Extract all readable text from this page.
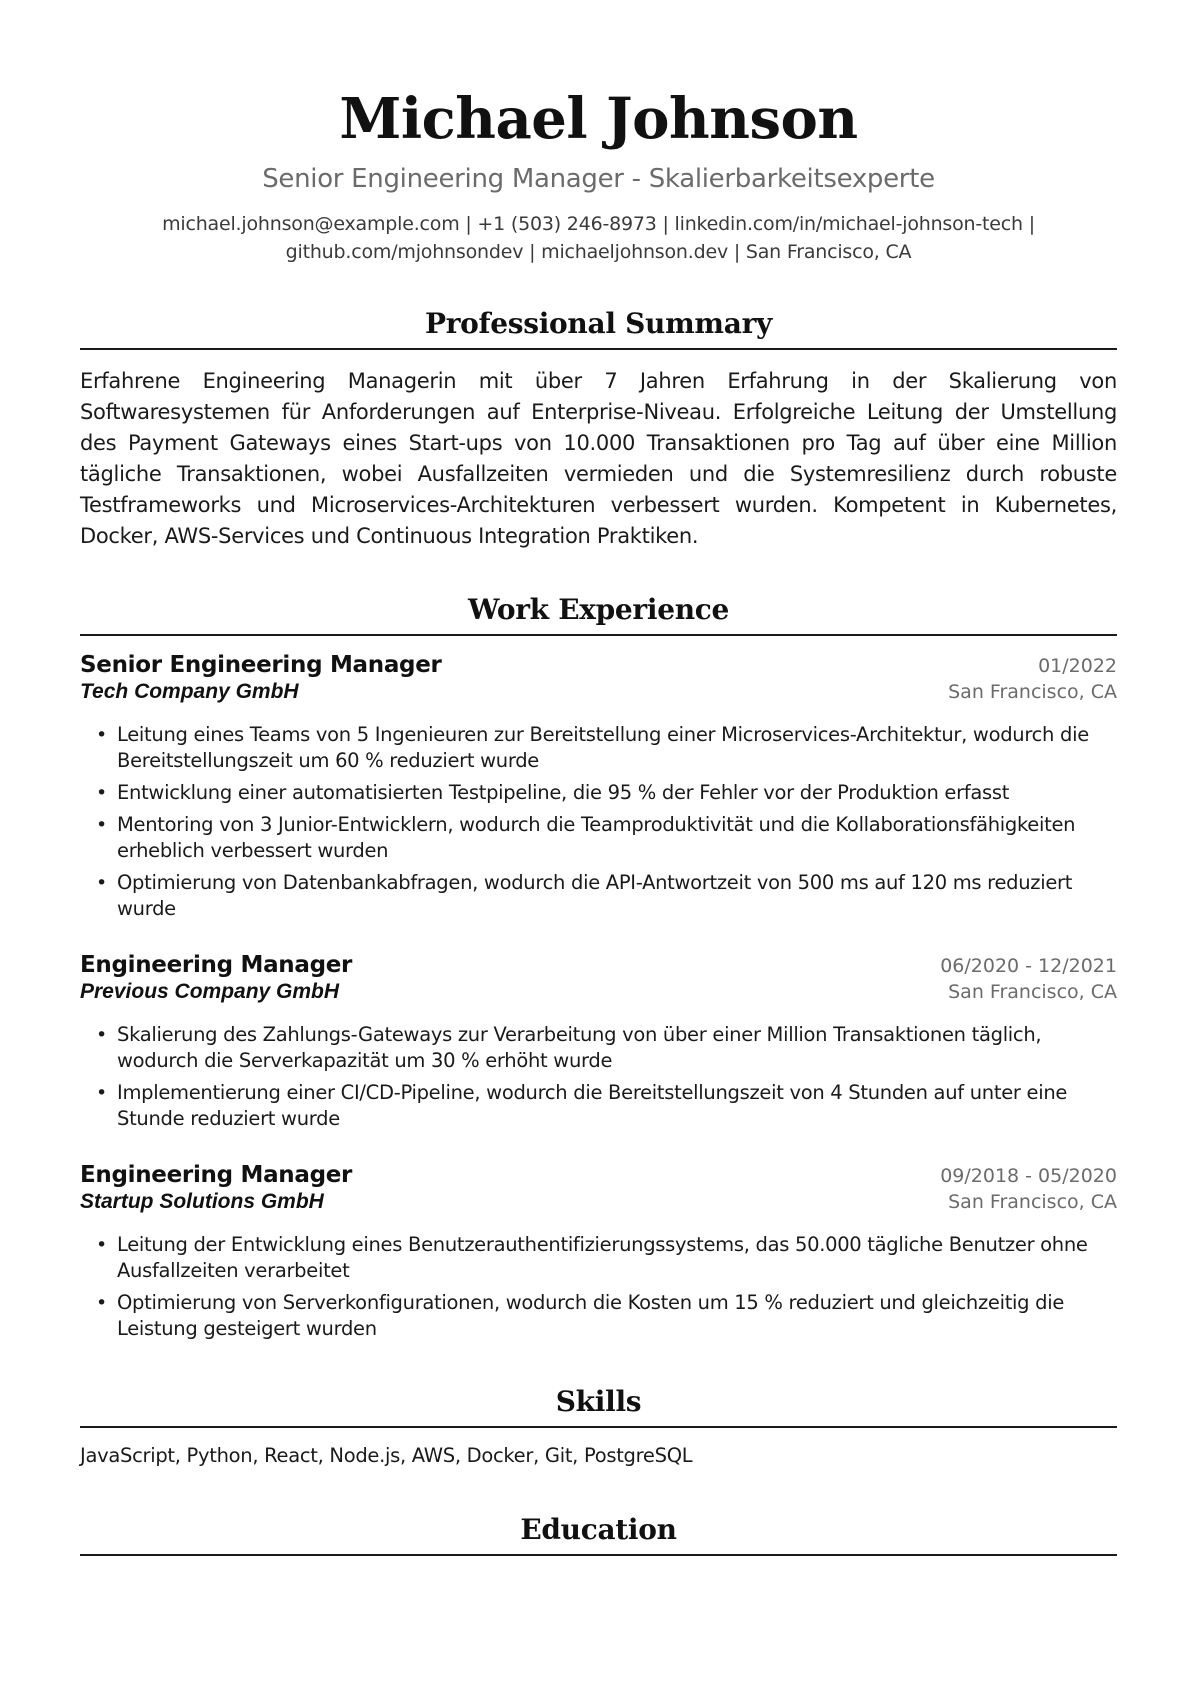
Michael Johnson
Senior Engineering Manager - Skalierbarkeitsexperte
michael.johnson@example.com | +1 (503) 246-8973 | linkedin.com/in/michael-johnson-tech |
github.com/mjohnsondev | michaeljohnson.dev | San Francisco, CA
Professional Summary
Erfahrene Engineering Managerin mit über 7 Jahren Erfahrung in der Skalierung von Softwaresystemen für Anforderungen auf Enterprise-Niveau. Erfolgreiche Leitung der Umstellung des Payment Gateways eines Start-ups von 10.000 Transaktionen pro Tag auf über eine Million tägliche Transaktionen, wobei Ausfallzeiten vermieden und die Systemresilienz durch robuste Testframeworks und Microservices-Architekturen verbessert wurden. Kompetent in Kubernetes, Docker, AWS-Services und Continuous Integration Praktiken.
Work Experience
Senior Engineering Manager	01/2022
Tech Company GmbH	San Francisco, CA
• Leitung eines Teams von 5 Ingenieuren zur Bereitstellung einer Microservices-Architektur, wodurch die Bereitstellungszeit um 60 % reduziert wurde
• Entwicklung einer automatisierten Testpipeline, die 95 % der Fehler vor der Produktion erfasst
• Mentoring von 3 Junior-Entwicklern, wodurch die Teamproduktivität und die Kollaborationsfähigkeiten erheblich verbessert wurden
• Optimierung von Datenbankabfragen, wodurch die API-Antwortzeit von 500 ms auf 120 ms reduziert wurde
Engineering Manager	06/2020 - 12/2021
Previous Company GmbH	San Francisco, CA
• Skalierung des Zahlungs-Gateways zur Verarbeitung von über einer Million Transaktionen täglich, wodurch die Serverkapazität um 30 % erhöht wurde
• Implementierung einer CI/CD-Pipeline, wodurch die Bereitstellungszeit von 4 Stunden auf unter eine Stunde reduziert wurde
Engineering Manager	09/2018 - 05/2020
Startup Solutions GmbH	San Francisco, CA
• Leitung der Entwicklung eines Benutzerauthentifizierungssystems, das 50.000 tägliche Benutzer ohne Ausfallzeiten verarbeitet
• Optimierung von Serverkonfigurationen, wodurch die Kosten um 15 % reduziert und gleichzeitig die Leistung gesteigert wurden
Skills
JavaScript, Python, React, Node.js, AWS, Docker, Git, PostgreSQL
Education
